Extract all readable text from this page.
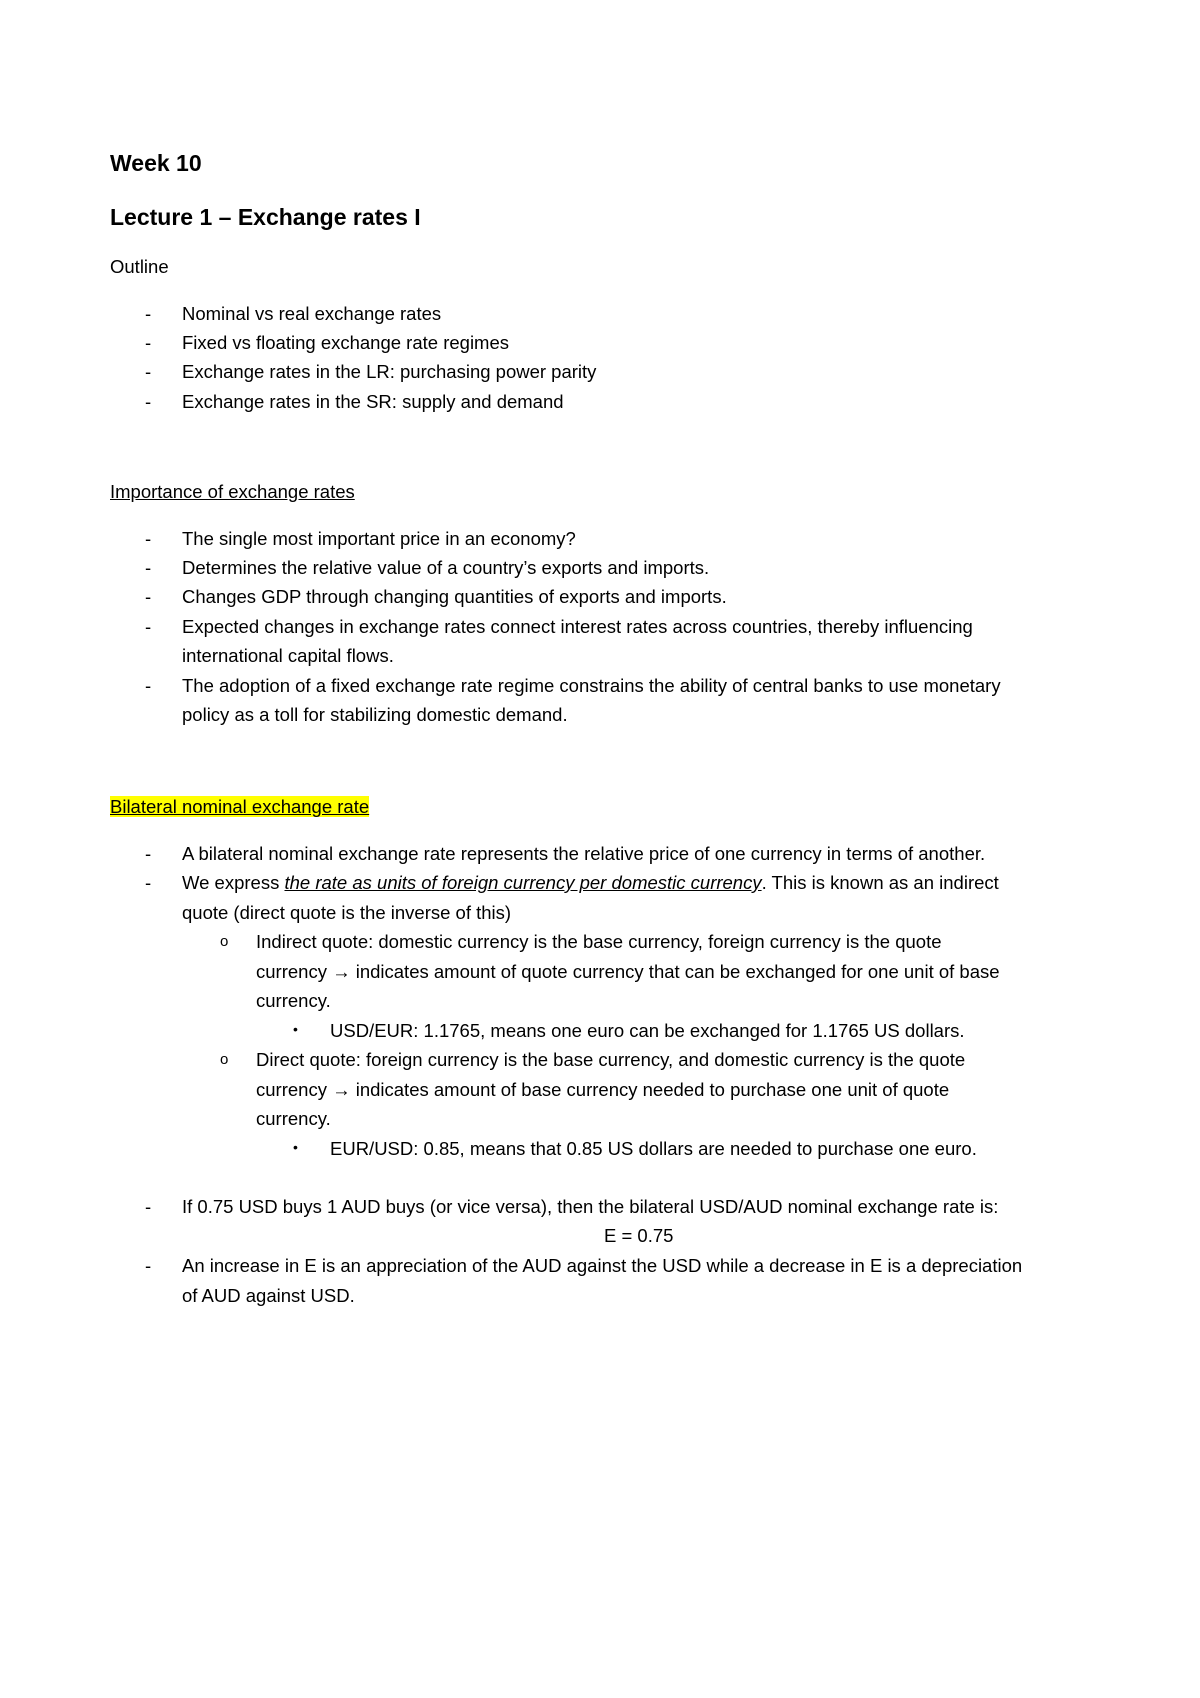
Week 10
Lecture 1 – Exchange rates I
Outline
- Nominal vs real exchange rates
- Fixed vs floating exchange rate regimes
- Exchange rates in the LR: purchasing power parity
- Exchange rates in the SR: supply and demand
Importance of exchange rates
- The single most important price in an economy?
- Determines the relative value of a country’s exports and imports.
- Changes GDP through changing quantities of exports and imports.
- Expected changes in exchange rates connect interest rates across countries, thereby influencing
international capital flows.
- The adoption of a fixed exchange rate regime constrains the ability of central banks to use monetary
policy as a toll for stabilizing domestic demand.
Bilateral nominal exchange rate
- A bilateral nominal exchange rate represents the relative price of one currency in terms of another.
- We express the rate as units of foreign currency per domestic currency. This is known as an indirect
quote (direct quote is the inverse of this)
o Indirect quote: domestic currency is the base currency, foreign currency is the quote
currency → indicates amount of quote currency that can be exchanged for one unit of base
currency.
• USD/EUR: 1.1765, means one euro can be exchanged for 1.1765 US dollars.
o Direct quote: foreign currency is the base currency, and domestic currency is the quote
currency → indicates amount of base currency needed to purchase one unit of quote
currency.
• EUR/USD: 0.85, means that 0.85 US dollars are needed to purchase one euro.
- If 0.75 USD buys 1 AUD buys (or vice versa), then the bilateral USD/AUD nominal exchange rate is:
E = 0.75
- An increase in E is an appreciation of the AUD against the USD while a decrease in E is a depreciation
of AUD against USD.
